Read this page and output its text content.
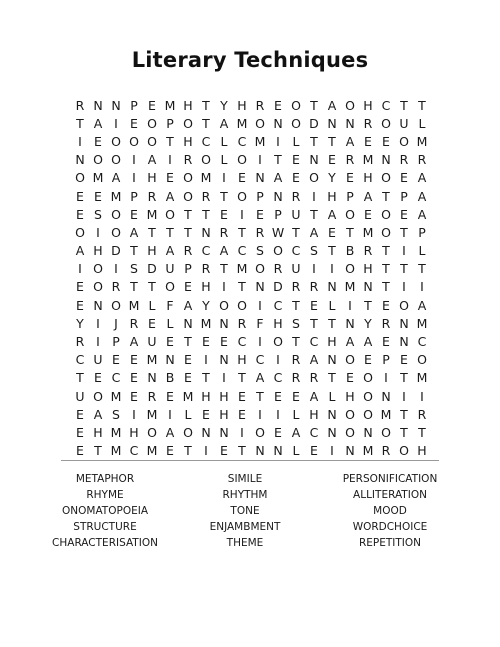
Literary Techniques
R N N P E M H T Y H R E O T A O H C T T
T A I E O P O T A M O N O D N N R O U L
I E O O O T H C L C M I	L T T A E E O M
N O O I A I R O L O I T E N E R M N R R
O M A I H E O M I E N A E O Y E H O E A
E E M P R A O R T O P N R I H P A T P A
E S O E M O T T E I E P U T A O E O E A
O I O A T T T N R T R W T A E T M O T P
A H D T H A R C A C S O C S T B R T I	L
I O I S D U P R T M O R U I	I O H T T T
E O R T T O E H I T N D R R N M N T I	I
E N O M L F A Y O O I C T E L	I T E O A
Y I	J R E L N M N R F H S T T N Y R N M
R I P A U E T E E C I O T C H A A E N C
C U E E M N E I N H C I R A N O E P E O
T E C E N B E T I T A C R R T E O I T M
U O M E R E M H H E T E E A L H O N I	I
E A S I M I	L E H E I	I	L H N O O M T R
E H M H O A O N N I O E A C N O N O T T
E T M C M E T I E T N N L E I N M R O H
METAPHOR	SIMILE	PERSONIFICATION
RHYME	RHYTHM	ALLITERATION
ONOMATOPOEIA	TONE	MOOD
STRUCTURE	ENJAMBMENT	WORDCHOICE
CHARACTERISATION	THEME	REPETITION
